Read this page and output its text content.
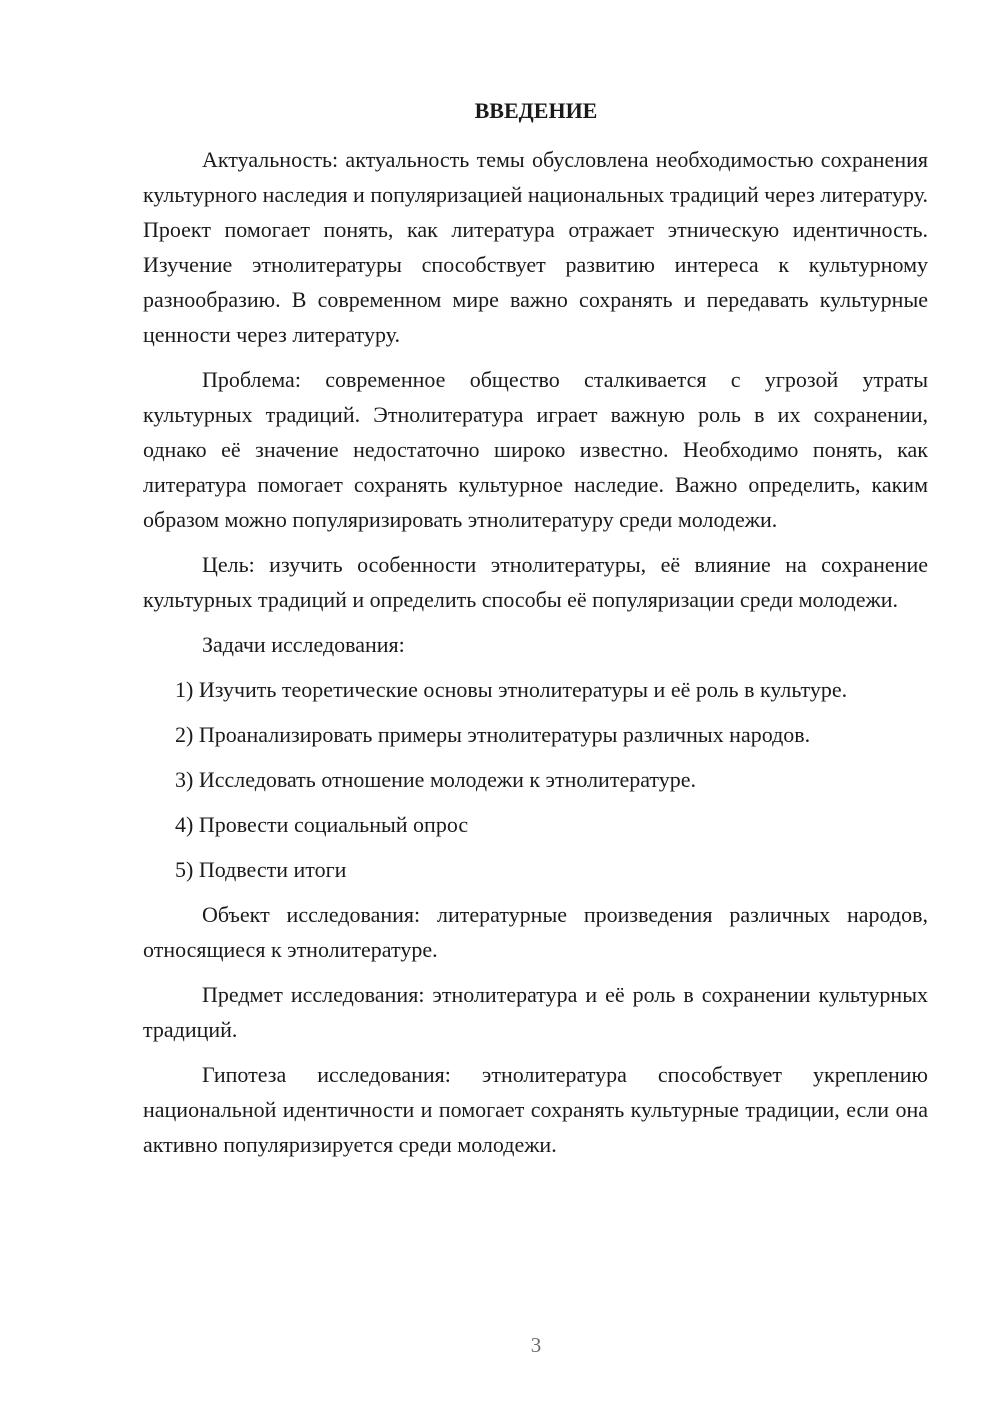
ВВЕДЕНИЕ

Актуальность: актуальность темы обусловлена необходимостью сохранения культурного наследия и популяризацией национальных традиций через литературу. Проект помогает понять, как литература отражает этническую идентичность. Изучение этнолитературы способствует развитию интереса к культурному разнообразию. В современном мире важно сохранять и передавать культурные ценности через литературу.

Проблема: современное общество сталкивается с угрозой утраты культурных традиций. Этнолитература играет важную роль в их сохранении, однако её значение недостаточно широко известно. Необходимо понять, как литература помогает сохранять культурное наследие. Важно определить, каким образом можно популяризировать этнолитературу среди молодежи.

Цель: изучить особенности этнолитературы, её влияние на сохранение культурных традиций и определить способы её популяризации среди молодежи.

Задачи исследования:

1) Изучить теоретические основы этнолитературы и её роль в культуре.

2) Проанализировать примеры этнолитературы различных народов.

3) Исследовать отношение молодежи к этнолитературе.

4) Провести социальный опрос

5) Подвести итоги

Объект исследования: литературные произведения различных народов, относящиеся к этнолитературе.

Предмет исследования: этнолитература и её роль в сохранении культурных традиций.

Гипотеза исследования: этнолитература способствует укреплению национальной идентичности и помогает сохранять культурные традиции, если она активно популяризируется среди молодежи.

3
